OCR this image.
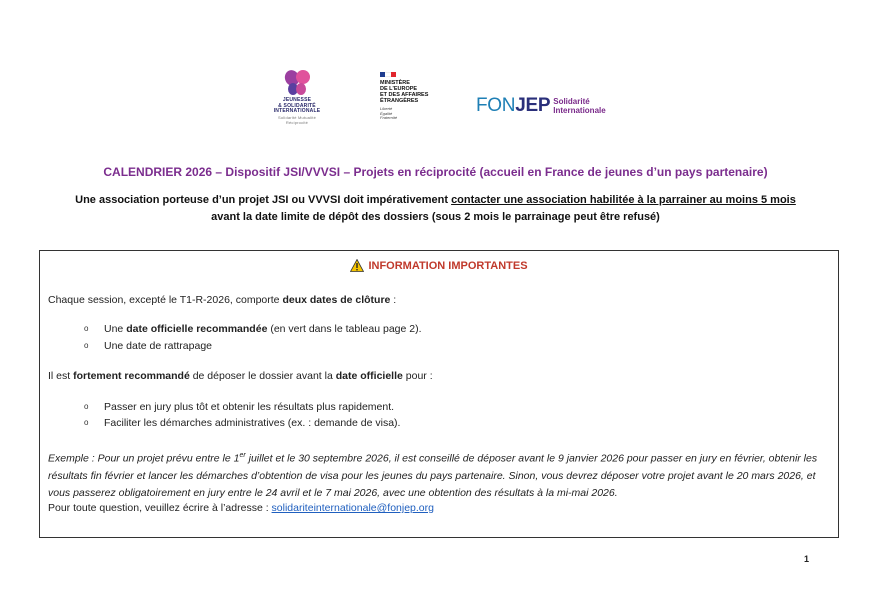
JEUNESSE
& SOLIDARITÉ
INTERNATIONALE
Solidarité Mutualité Réciprocité
MINISTÈRE
DE L'EUROPE
ET DES AFFAIRES
ÉTRANGÈRES
Liberté
Égalité
Fraternité
FONJEP Solidarité
Internationale
CALENDRIER 2026 – Dispositif JSI/VVVSI – Projets en réciprocité (accueil en France de jeunes d’un pays partenaire)
Une association porteuse d’un projet JSI ou VVVSI doit impérativement contacter une association habilitée à la parrainer au moins 5 mois
avant la date limite de dépôt des dossiers (sous 2 mois le parrainage peut être refusé)
INFORMATION IMPORTANTES
Chaque session, excepté le T1-R-2026, comporte deux dates de clôture :
o Une date officielle recommandée (en vert dans le tableau page 2).
o Une date de rattrapage
Il est fortement recommandé de déposer le dossier avant la date officielle pour :
o Passer en jury plus tôt et obtenir les résultats plus rapidement.
o Faciliter les démarches administratives (ex. : demande de visa).
Exemple : Pour un projet prévu entre le 1er juillet et le 30 septembre 2026, il est conseillé de déposer avant le 9 janvier 2026 pour passer en jury en février, obtenir les résultats fin février et lancer les démarches d’obtention de visa pour les jeunes du pays partenaire. Sinon, vous devrez déposer votre projet avant le 20 mars 2026, et vous passerez obligatoirement en jury entre le 24 avril et le 7 mai 2026, avec une obtention des résultats à la mi-mai 2026.
Pour toute question, veuillez écrire à l’adresse : solidariteinternationale@fonjep.org
1
